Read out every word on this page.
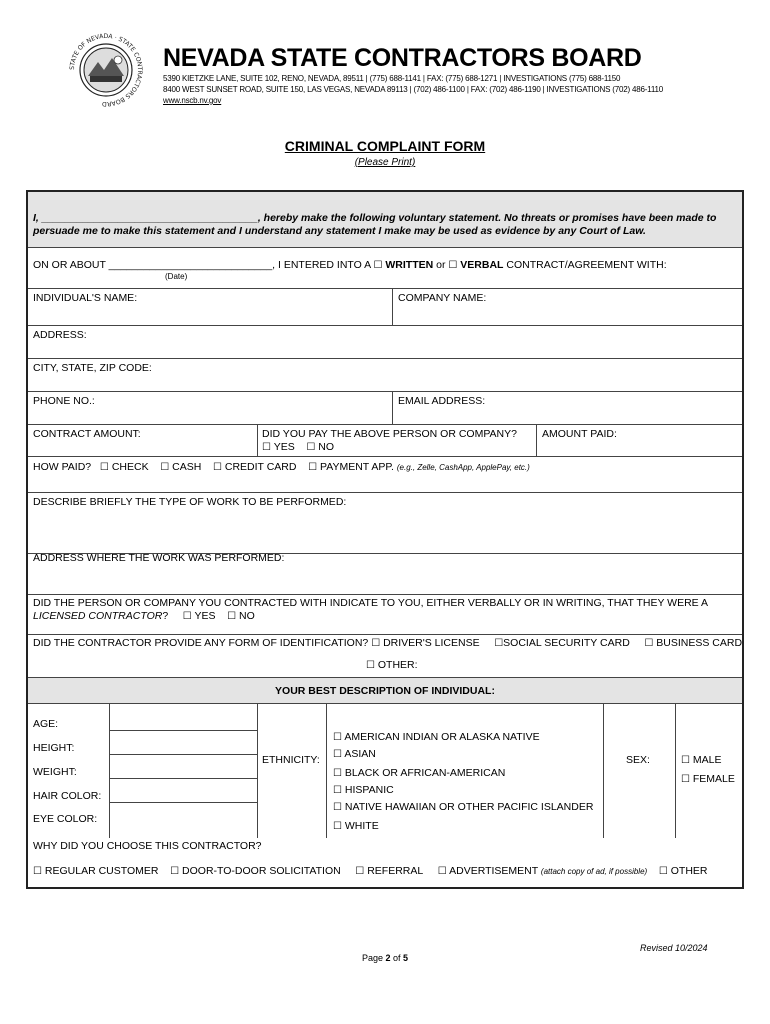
STATE OF NEVADA · STATE CONTRACTORS BOARD
NEVADA STATE CONTRACTORS BOARD
5390 KIETZKE LANE, SUITE 102, RENO, NEVADA, 89511 | (775) 688-1141 | FAX: (775) 688-1271 | INVESTIGATIONS (775) 688-1150
8400 WEST SUNSET ROAD, SUITE 150, LAS VEGAS, NEVADA 89113 | (702) 486-1100 | FAX: (702) 486-1190 | INVESTIGATIONS (702) 486-1110
www.nscb.nv.gov
CRIMINAL COMPLAINT FORM
(Please Print)
I, _____________________________________, hereby make the following voluntary statement. No threats or promises have been made to persuade me to make this statement and I understand any statement I make may be used as evidence by any Court of Law.
ON OR ABOUT ____________________________, I ENTERED INTO A ☐ WRITTEN or ☐ VERBAL CONTRACT/AGREEMENT WITH:
(Date)
INDIVIDUAL'S NAME:	COMPANY NAME:
ADDRESS:
CITY, STATE, ZIP CODE:
PHONE NO.:	EMAIL ADDRESS:
CONTRACT AMOUNT:	DID YOU PAY THE ABOVE PERSON OR COMPANY?
☐ YES ☐ NO
AMOUNT PAID:
HOW PAID? ☐ CHECK ☐ CASH ☐ CREDIT CARD ☐ PAYMENT APP. (e.g., Zelle, CashApp, ApplePay, etc.)
DESCRIBE BRIEFLY THE TYPE OF WORK TO BE PERFORMED:
ADDRESS WHERE THE WORK WAS PERFORMED:
DID THE PERSON OR COMPANY YOU CONTRACTED WITH INDICATE TO YOU, EITHER VERBALLY OR IN WRITING, THAT THEY WERE A
LICENSED CONTRACTOR? ☐ YES ☐ NO
DID THE CONTRACTOR PROVIDE ANY FORM OF IDENTIFICATION? ☐ DRIVER'S LICENSE ☐SOCIAL SECURITY CARD ☐ BUSINESS CARD
☐ OTHER:
YOUR BEST DESCRIPTION OF INDIVIDUAL:
AGE:
HEIGHT:
WEIGHT:
HAIR COLOR:
EYE COLOR:
ETHNICITY:
☐ AMERICAN INDIAN OR ALASKA NATIVE
☐ ASIAN
☐ BLACK OR AFRICAN-AMERICAN
☐ HISPANIC
☐ NATIVE HAWAIIAN OR OTHER PACIFIC ISLANDER
☐ WHITE
SEX:	☐ MALE
☐ FEMALE
WHY DID YOU CHOOSE THIS CONTRACTOR?
☐ REGULAR CUSTOMER ☐ DOOR-TO-DOOR SOLICITATION ☐ REFERRAL ☐ ADVERTISEMENT (attach copy of ad, if possible) ☐ OTHER
Revised 10/2024
Page 2 of 5
